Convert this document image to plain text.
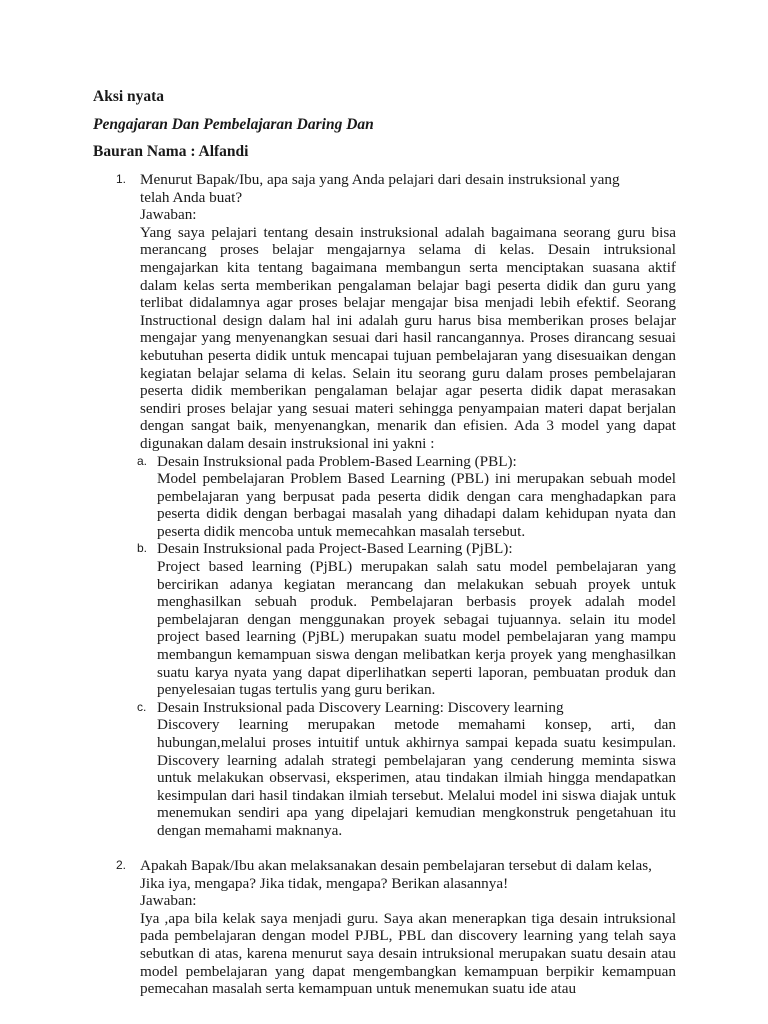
Aksi nyata
Pengajaran Dan Pembelajaran Daring Dan
Bauran Nama : Alfandi
1. Menurut Bapak/Ibu, apa saja yang Anda pelajari dari desain instruksional yang
telah Anda buat?
Jawaban:
Yang saya pelajari tentang desain instruksional adalah bagaimana seorang guru bisa merancang proses belajar mengajarnya selama di kelas. Desain intruksional mengajarkan kita tentang bagaimana membangun serta menciptakan suasana aktif dalam kelas serta memberikan pengalaman belajar bagi peserta didik dan guru yang terlibat didalamnya agar proses belajar mengajar bisa menjadi lebih efektif. Seorang Instructional design dalam hal ini adalah guru harus bisa memberikan proses belajar mengajar yang menyenangkan sesuai dari hasil rancangannya. Proses dirancang sesuai kebutuhan peserta didik untuk mencapai tujuan pembelajaran yang disesuaikan dengan kegiatan belajar selama di kelas. Selain itu seorang guru dalam proses pembelajaran peserta didik memberikan pengalaman belajar agar peserta didik dapat merasakan sendiri proses belajar yang sesuai materi sehingga penyampaian materi dapat berjalan dengan sangat baik, menyenangkan, menarik dan efisien. Ada 3 model yang dapat digunakan dalam desain instruksional ini yakni :
a. Desain Instruksional pada Problem-Based Learning (PBL):
Model pembelajaran Problem Based Learning (PBL) ini merupakan sebuah model pembelajaran yang berpusat pada peserta didik dengan cara menghadapkan para peserta didik dengan berbagai masalah yang dihadapi dalam kehidupan nyata dan peserta didik mencoba untuk memecahkan masalah tersebut.
b. Desain Instruksional pada Project-Based Learning (PjBL):
Project based learning (PjBL) merupakan salah satu model pembelajaran yang bercirikan adanya kegiatan merancang dan melakukan sebuah proyek untuk menghasilkan sebuah produk. Pembelajaran berbasis proyek adalah model pembelajaran dengan menggunakan proyek sebagai tujuannya. selain itu model project based learning (PjBL) merupakan suatu model pembelajaran yang mampu membangun kemampuan siswa dengan melibatkan kerja proyek yang menghasilkan suatu karya nyata yang dapat diperlihatkan seperti laporan, pembuatan produk dan penyelesaian tugas tertulis yang guru berikan.
c. Desain Instruksional pada Discovery Learning: Discovery learning
Discovery learning merupakan metode memahami konsep, arti, dan hubungan,melalui proses intuitif untuk akhirnya sampai kepada suatu kesimpulan. Discovery learning adalah strategi pembelajaran yang cenderung meminta siswa untuk melakukan observasi, eksperimen, atau tindakan ilmiah hingga mendapatkan kesimpulan dari hasil tindakan ilmiah tersebut. Melalui model ini siswa diajak untuk menemukan sendiri apa yang dipelajari kemudian mengkonstruk pengetahuan itu dengan memahami maknanya.
2. Apakah Bapak/Ibu akan melaksanakan desain pembelajaran tersebut di dalam kelas,
Jika iya, mengapa? Jika tidak, mengapa? Berikan alasannya!
Jawaban:
Iya ,apa bila kelak saya menjadi guru. Saya akan menerapkan tiga desain intruksional pada pembelajaran dengan model PJBL, PBL dan discovery learning yang telah saya sebutkan di atas, karena menurut saya desain intruksional merupakan suatu desain atau model pembelajaran yang dapat mengembangkan kemampuan berpikir kemampuan pemecahan masalah serta kemampuan untuk menemukan suatu ide atau
